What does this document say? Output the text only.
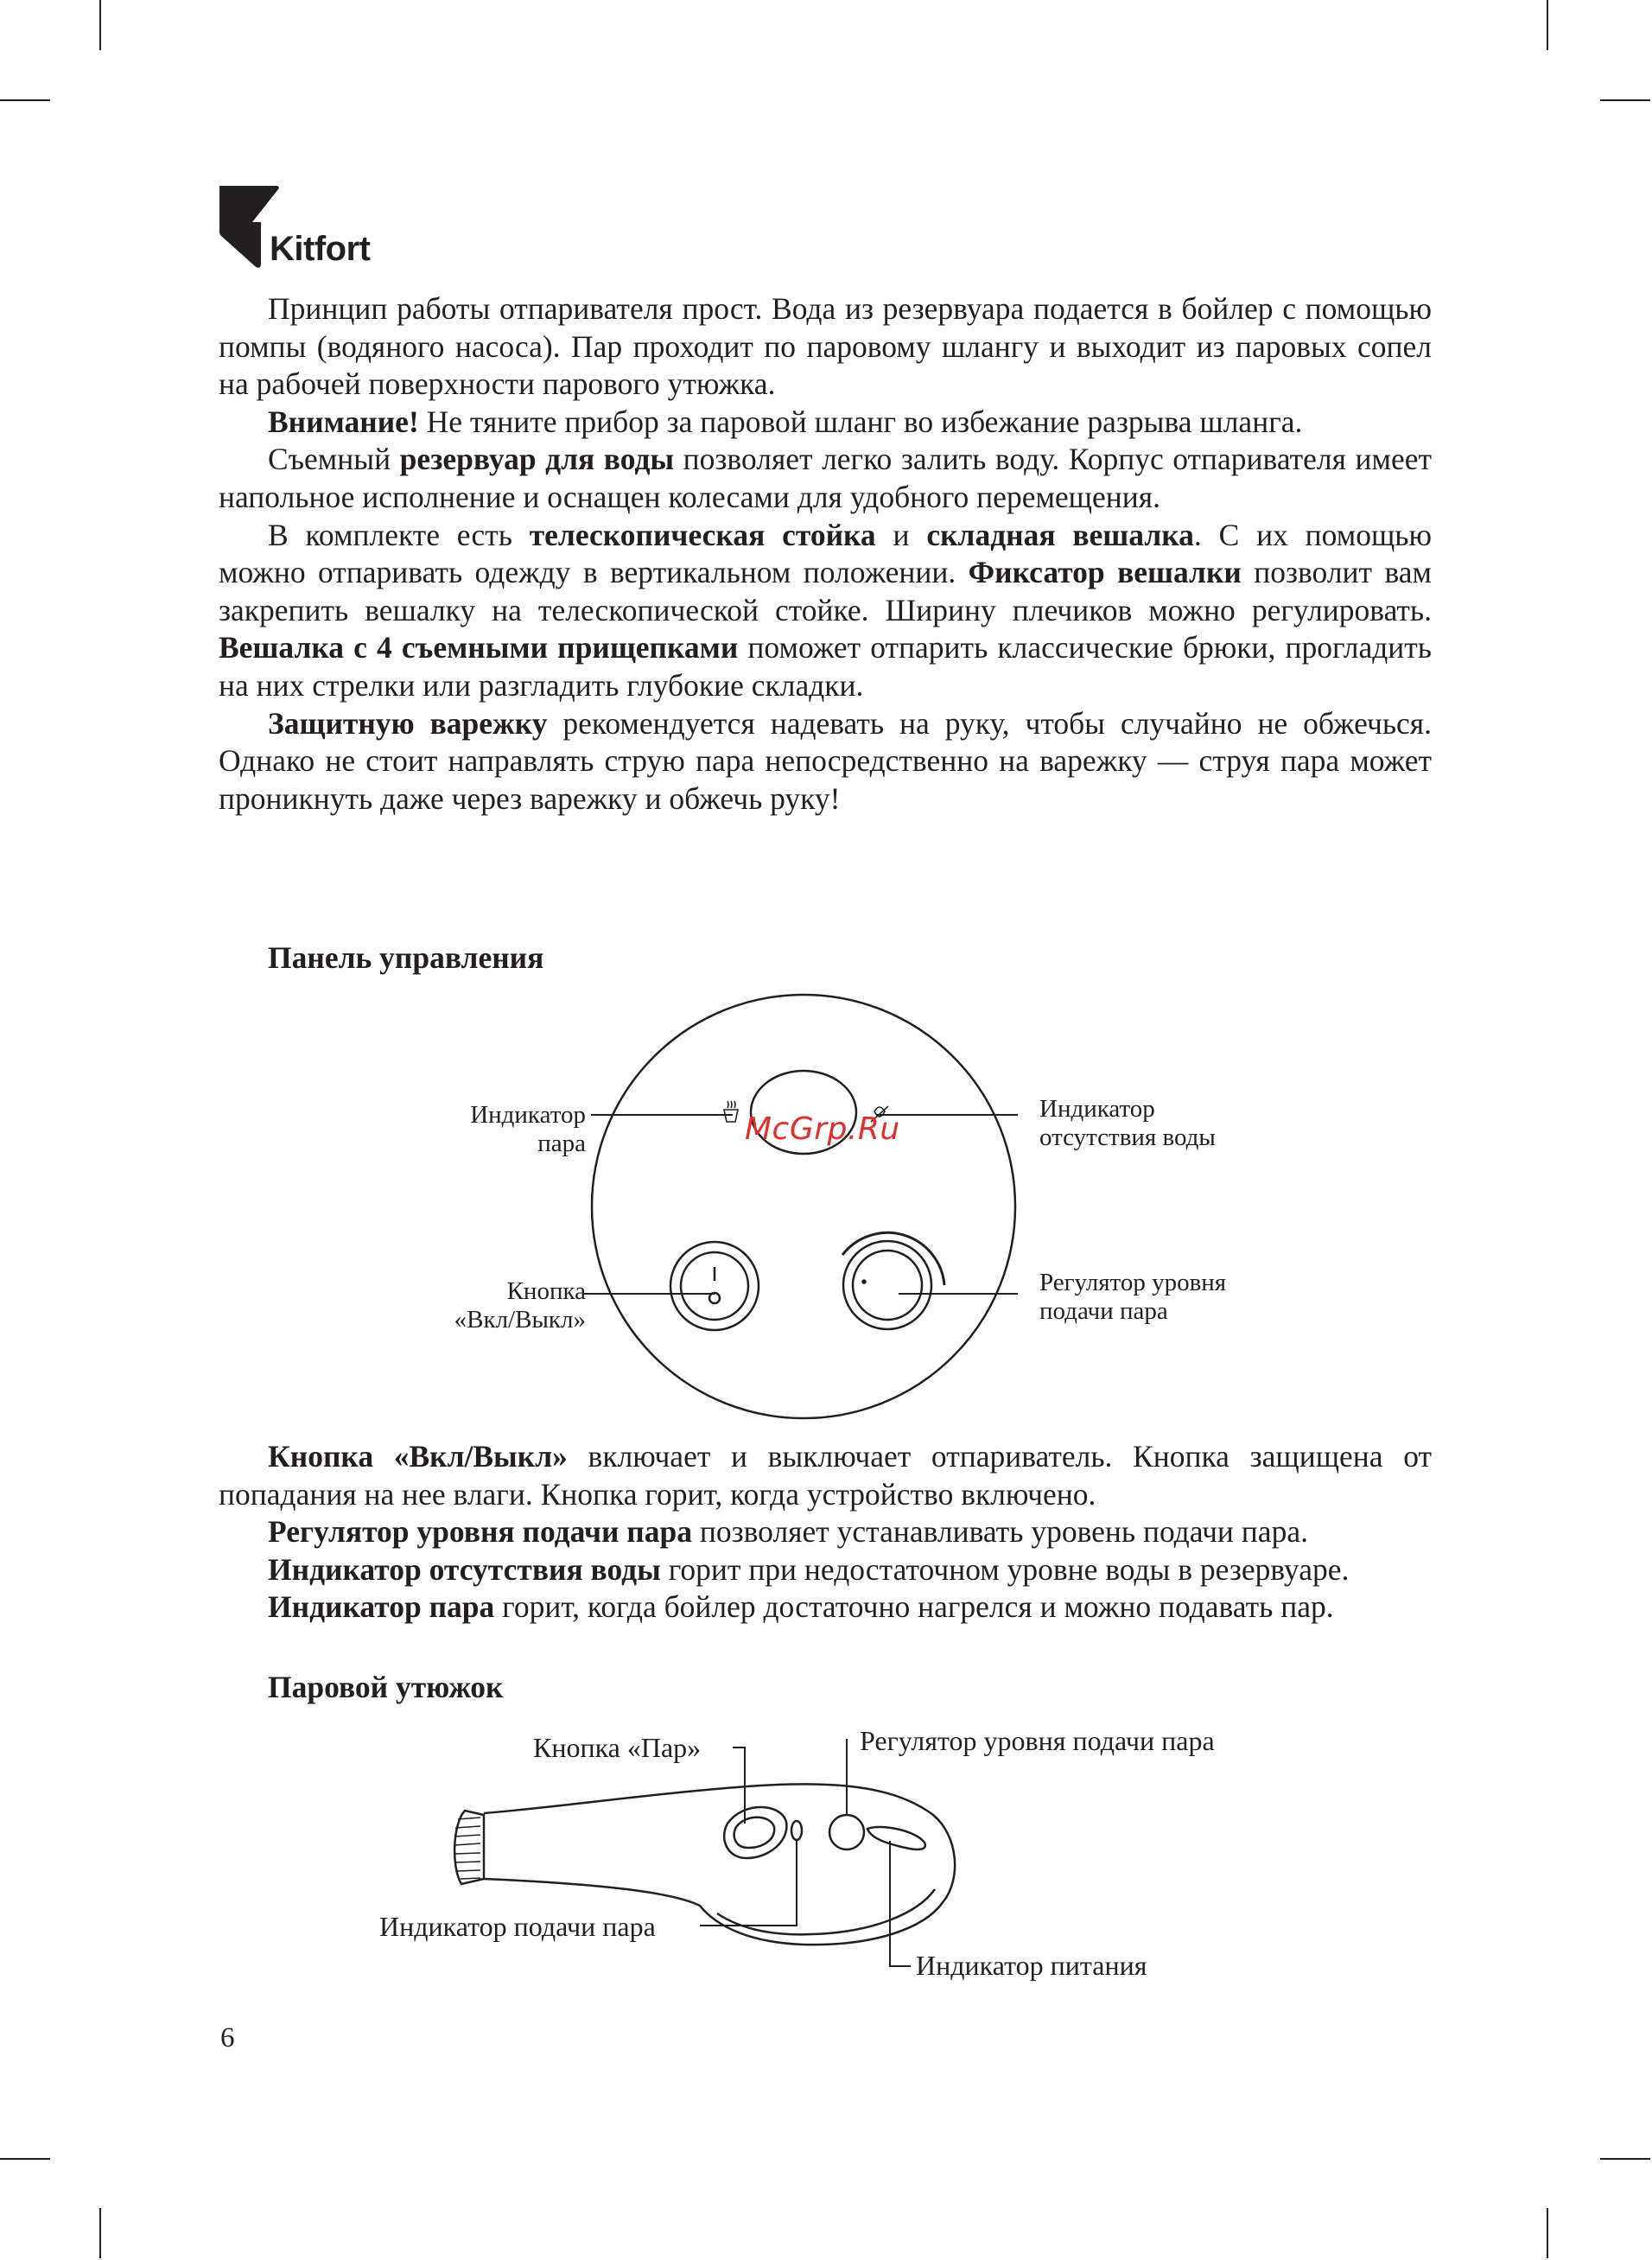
Kitfort

Принцип работы отпаривателя прост. Вода из резервуара подается в бойлер с помощью помпы (водяного насоса). Пар проходит по паровому шлангу и выходит из паровых сопел на рабочей поверхности парового утюжка.

Внимание! Не тяните прибор за паровой шланг во избежание разрыва шланга.

Съемный резервуар для воды позволяет легко залить воду. Корпус отпаривателя имеет напольное исполнение и оснащен колесами для удобного перемещения.

В комплекте есть телескопическая стойка и складная вешалка. С их помощью можно отпаривать одежду в вертикальном положении. Фиксатор вешалки позволит вам закрепить вешалку на телескопической стойке. Ширину плечиков можно регулировать. Вешалка с 4 съемными прищепками поможет отпарить классические брюки, прогладить на них стрелки или разгладить глубокие складки.

Защитную варежку рекомендуется надевать на руку, чтобы случайно не обжечься. Однако не стоит направлять струю пара непосредственно на варежку — струя пара может проникнуть даже через варежку и обжечь руку!

Панель управления
Индикатор
пара
Индикатор
отсутствия воды
Кнопка
«Вкл/Выкл»
Регулятор уровня
подачи пара
McGrp.Ru

Кнопка «Вкл/Выкл» включает и выключает отпариватель. Кнопка защищена от попадания на нее влаги. Кнопка горит, когда устройство включено.

Регулятор уровня подачи пара позволяет устанавливать уровень подачи пара.

Индикатор отсутствия воды горит при недостаточном уровне воды в резервуаре.

Индикатор пара горит, когда бойлер достаточно нагрелся и можно подавать пар.

Паровой утюжок
Кнопка «Пар»	Регулятор уровня подачи пара
Индикатор подачи пара
Индикатор питания
6
